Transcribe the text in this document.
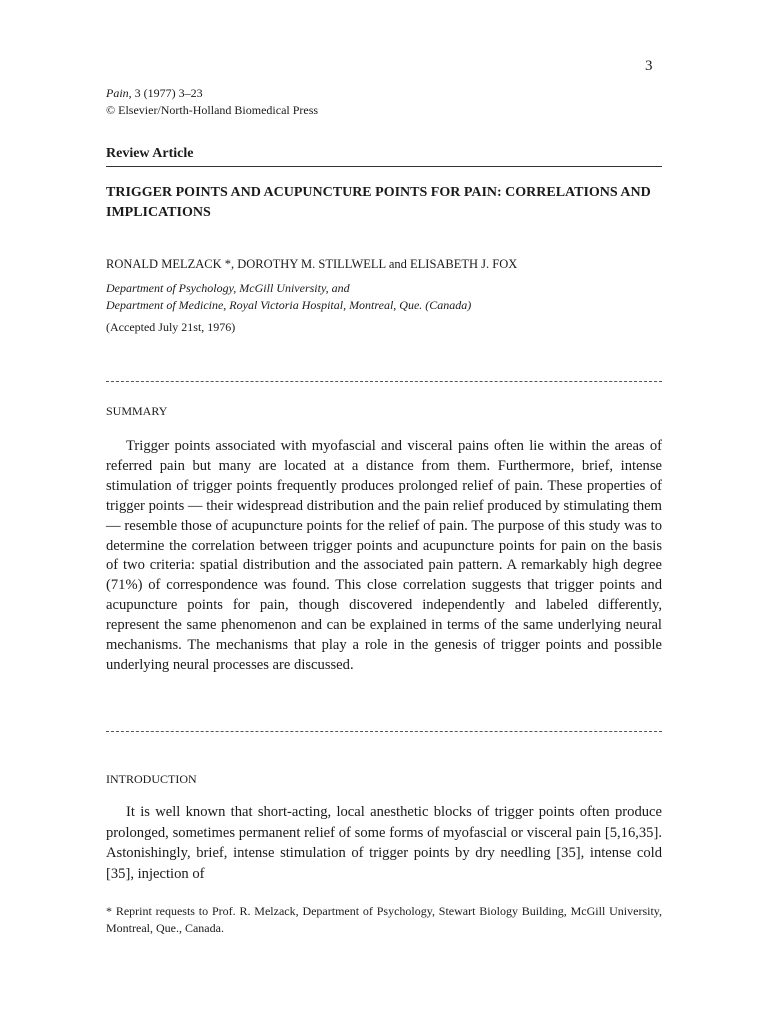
3
Pain, 3 (1977) 3–23
© Elsevier/North-Holland Biomedical Press
Review Article
TRIGGER POINTS AND ACUPUNCTURE POINTS FOR PAIN: CORRELATIONS AND IMPLICATIONS
RONALD MELZACK *, DOROTHY M. STILLWELL and ELISABETH J. FOX
Department of Psychology, McGill University, and
Department of Medicine, Royal Victoria Hospital, Montreal, Que. (Canada)
(Accepted July 21st, 1976)
SUMMARY

Trigger points associated with myofascial and visceral pains often lie within the areas of referred pain but many are located at a distance from them. Furthermore, brief, intense stimulation of trigger points frequently produces prolonged relief of pain. These properties of trigger points — their widespread distribution and the pain relief produced by stimulating them — resemble those of acupuncture points for the relief of pain. The purpose of this study was to determine the correlation between trigger points and acupuncture points for pain on the basis of two criteria: spatial distribution and the associated pain pattern. A remarkably high degree (71%) of correspondence was found. This close correlation suggests that trigger points and acupuncture points for pain, though discovered independently and labeled differently, represent the same phenomenon and can be explained in terms of the same underlying neural mechanisms. The mechanisms that play a role in the genesis of trigger points and possible underlying neural processes are discussed.

INTRODUCTION

It is well known that short-acting, local anesthetic blocks of trigger points often produce prolonged, sometimes permanent relief of some forms of myofascial or visceral pain [5,16,35]. Astonishingly, brief, intense stimulation of trigger points by dry needling [35], intense cold [35], injection of

* Reprint requests to Prof. R. Melzack, Department of Psychology, Stewart Biology Building, McGill University, Montreal, Que., Canada.
